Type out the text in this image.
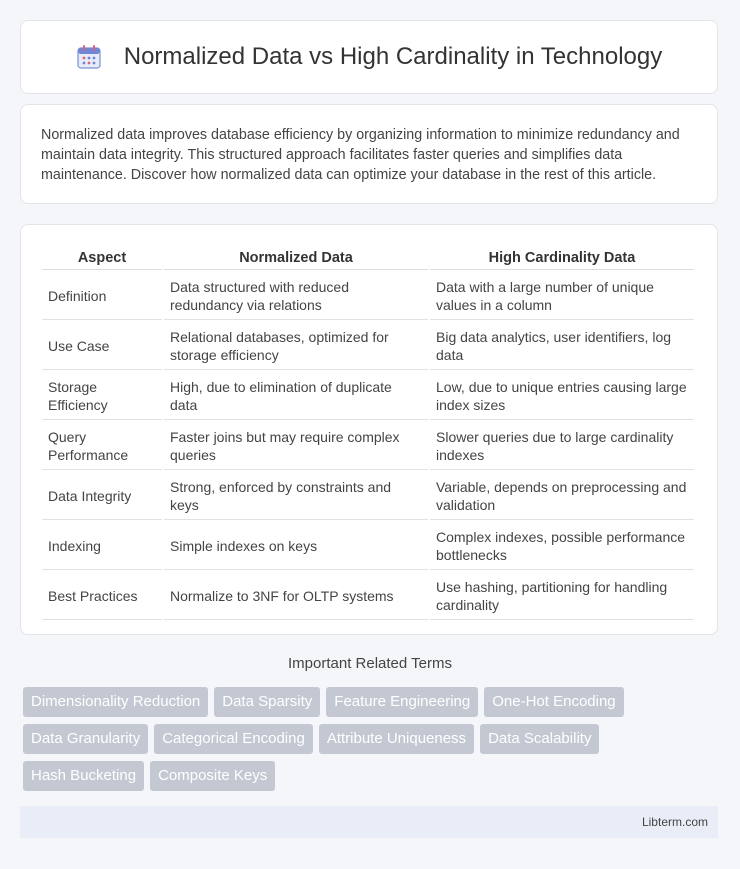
Normalized Data vs High Cardinality in Technology

Normalized data improves database efficiency by organizing information to minimize redundancy and maintain data integrity. This structured approach facilitates faster queries and simplifies data maintenance. Discover how normalized data can optimize your database in the rest of this article.

Aspect	Normalized Data	High Cardinality Data
Definition	Data structured with reduced redundancy via relations	Data with a large number of unique values in a column
Use Case	Relational databases, optimized for storage efficiency	Big data analytics, user identifiers, log data
Storage Efficiency	High, due to elimination of duplicate data	Low, due to unique entries causing large index sizes
Query Performance	Faster joins but may require complex queries	Slower queries due to large cardinality indexes
Data Integrity	Strong, enforced by constraints and keys	Variable, depends on preprocessing and validation
Indexing	Simple indexes on keys	Complex indexes, possible performance bottlenecks
Best Practices	Normalize to 3NF for OLTP systems	Use hashing, partitioning for handling cardinality
Important Related Terms
Dimensionality Reduction	Data Sparsity	Feature Engineering	One-Hot Encoding
Data Granularity	Categorical Encoding	Attribute Uniqueness	Data Scalability
Hash Bucketing	Composite Keys
Libterm.com
